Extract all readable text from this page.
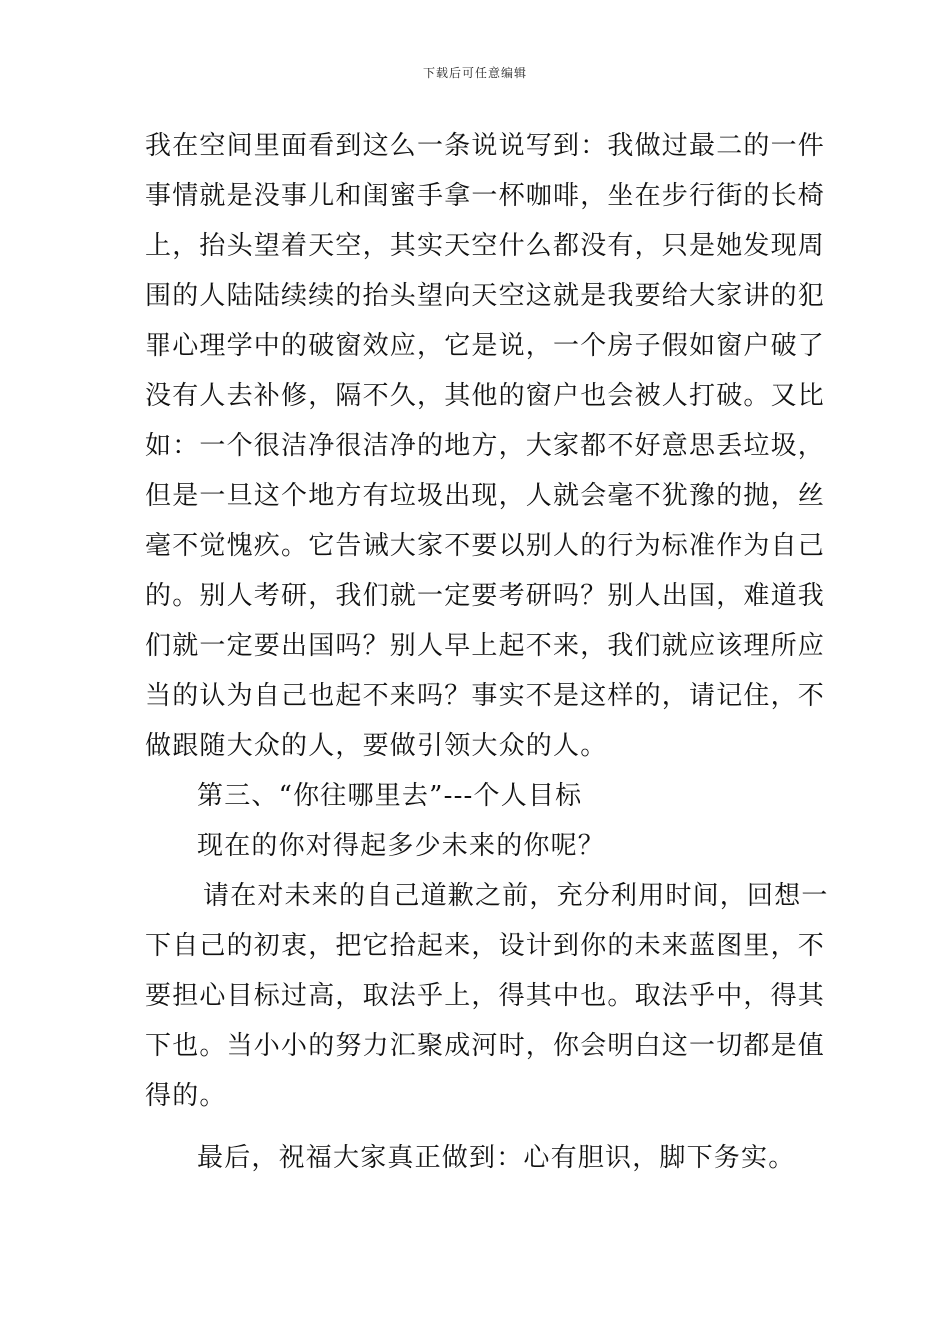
下载后可任意编辑

我在空间里面看到这么一条说说写到：我做过最二的一件
事情就是没事儿和闺蜜手拿一杯咖啡，坐在步行街的长椅
上，抬头望着天空，其实天空什么都没有，只是她发现周
围的人陆陆续续的抬头望向天空这就是我要给大家讲的犯
罪心理学中的破窗效应，它是说，一个房子假如窗户破了
没有人去补修，隔不久，其他的窗户也会被人打破。又比
如：一个很洁净很洁净的地方，大家都不好意思丢垃圾，
但是一旦这个地方有垃圾出现，人就会毫不犹豫的抛，丝
毫不觉愧疚。它告诫大家不要以别人的行为标准作为自己
的。别人考研，我们就一定要考研吗？别人出国，难道我
们就一定要出国吗？别人早上起不来，我们就应该理所应
当的认为自己也起不来吗？事实不是这样的，请记住，不
做跟随大众的人，要做引领大众的人。

第三、“你往哪里去”---个人目标

现在的你对得起多少未来的你呢？

请在对未来的自己道歉之前，充分利用时间，回想一
下自己的初衷，把它拾起来，设计到你的未来蓝图里，不
要担心目标过高，取法乎上，得其中也。取法乎中，得其
下也。当小小的努力汇聚成河时，你会明白这一切都是值
得的。

最后，祝福大家真正做到：心有胆识，脚下务实。
